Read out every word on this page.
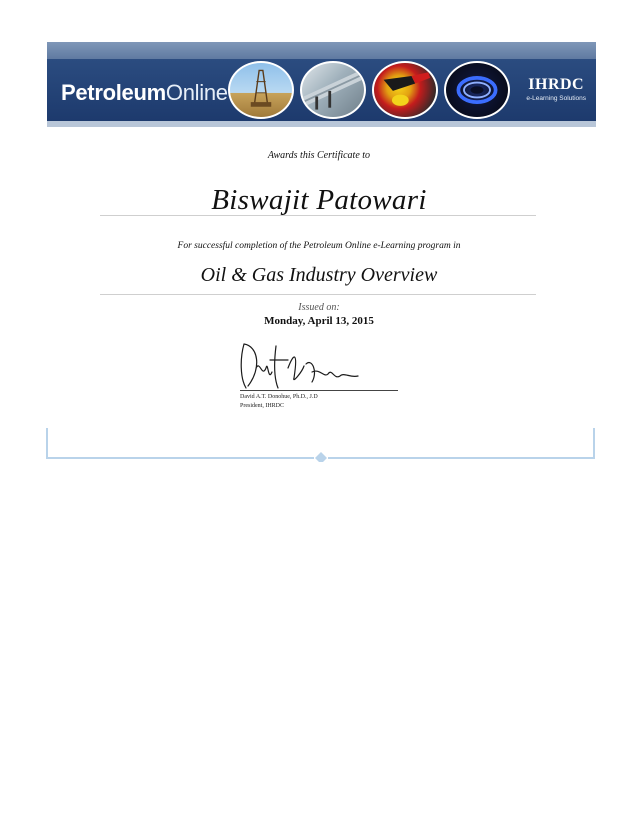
PetroleumOnline	IHRDC
e-Learning Solutions
Awards this Certificate to
Biswajit Patowari
For successful completion of the Petroleum Online e-Learning program in
Oil & Gas Industry Overview
Issued on:
Monday, April 13, 2015
David A.T. Donohue, Ph.D., J.D
President, IHRDC
